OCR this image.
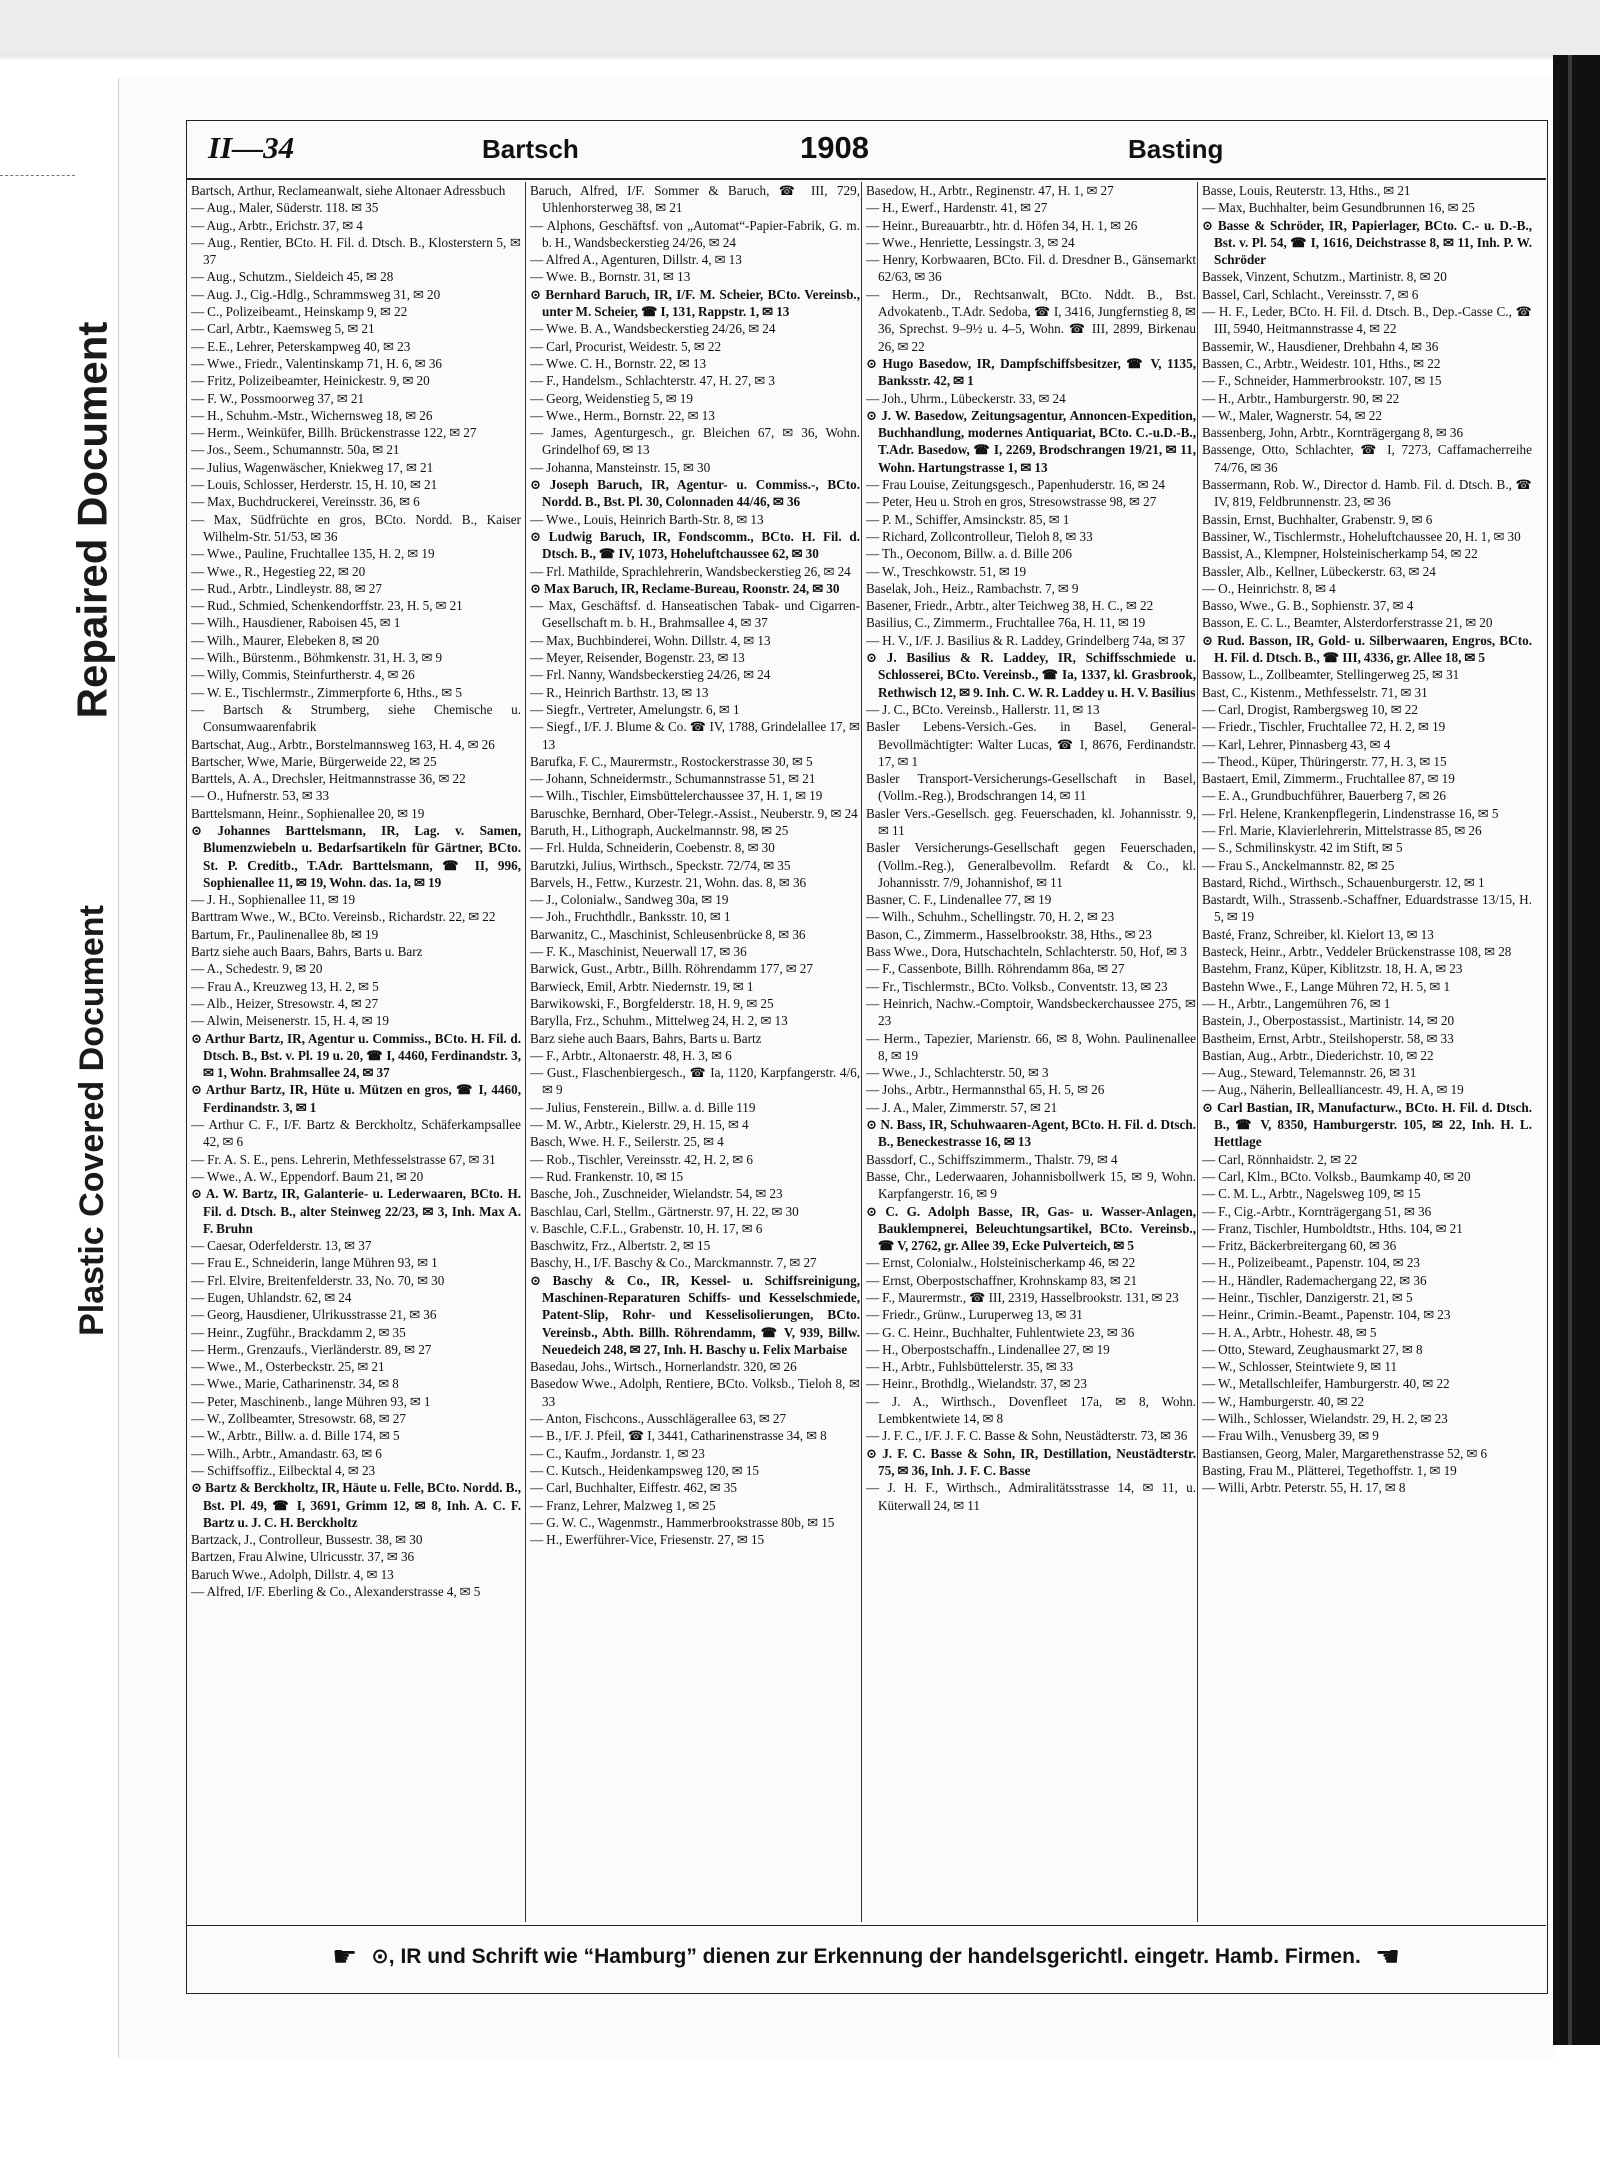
Repaired Document
Plastic Covered Document
II—34	Bartsch	1908	Basting

Bartsch, Arthur, Reclameanwalt, siehe Altonaer Adressbuch

— Aug., Maler, Süderstr. 118. ✉ 35

— Aug., Arbtr., Erichstr. 37, ✉ 4

— Aug., Rentier, BCto. H. Fil. d. Dtsch. B., Klosterstern 5, ✉ 37

— Aug., Schutzm., Sieldeich 45, ✉ 28

— Aug. J., Cig.-Hdlg., Schrammsweg 31, ✉ 20

— C., Polizeibeamt., Heinskamp 9, ✉ 22

— Carl, Arbtr., Kaemsweg 5, ✉ 21

— E.E., Lehrer, Peterskampweg 40, ✉ 23

— Wwe., Friedr., Valentinskamp 71, H. 6, ✉ 36

— Fritz, Polizeibeamter, Heinickestr. 9, ✉ 20

— F. W., Possmoorweg 37, ✉ 21

— H., Schuhm.-Mstr., Wichernsweg 18, ✉ 26

— Herm., Weinküfer, Billh. Brückenstrasse 122, ✉ 27

— Jos., Seem., Schumannstr. 50a, ✉ 21

— Julius, Wagenwäscher, Kniekweg 17, ✉ 21

— Louis, Schlosser, Herderstr. 15, H. 10, ✉ 21

— Max, Buchdruckerei, Vereinsstr. 36, ✉ 6

— Max, Südfrüchte en gros, BCto. Nordd. B., Kaiser Wilhelm-Str. 51/53, ✉ 36

— Wwe., Pauline, Fruchtallee 135, H. 2, ✉ 19

— Wwe., R., Hegestieg 22, ✉ 20

— Rud., Arbtr., Lindleystr. 88, ✉ 27

— Rud., Schmied, Schenkendorffstr. 23, H. 5, ✉ 21

— Wilh., Hausdiener, Raboisen 45, ✉ 1

— Wilh., Maurer, Elebeken 8, ✉ 20

— Wilh., Bürstenm., Böhmkenstr. 31, H. 3, ✉ 9

— Willy, Commis, Steinfurtherstr. 4, ✉ 26

— W. E., Tischlermstr., Zimmerpforte 6, Hths., ✉ 5

— Bartsch & Strumberg, siehe Chemische u. Consumwaarenfabrik

Bartschat, Aug., Arbtr., Borstelmannsweg 163, H. 4, ✉ 26

Bartscher, Wwe, Marie, Bürgerweide 22, ✉ 25

Barttels, A. A., Drechsler, Heitmannstrasse 36, ✉ 22

— O., Hufnerstr. 53, ✉ 33

Barttelsmann, Heinr., Sophienallee 20, ✉ 19

⊙ Johannes Barttelsmann, IR, Lag. v. Samen, Blumenzwiebeln u. Bedarfsartikeln für Gärtner, BCto. St. P. Creditb., T.Adr. Barttelsmann, ☎ II, 996, Sophienallee 11, ✉ 19, Wohn. das. 1a, ✉ 19

— J. H., Sophienallee 11, ✉ 19

Barttram Wwe., W., BCto. Vereinsb., Richardstr. 22, ✉ 22

Bartum, Fr., Paulinenallee 8b, ✉ 19

Bartz siehe auch Baars, Bahrs, Barts u. Barz

— A., Schedestr. 9, ✉ 20

— Frau A., Kreuzweg 13, H. 2, ✉ 5

— Alb., Heizer, Stresowstr. 4, ✉ 27

— Alwin, Meisenerstr. 15, H. 4, ✉ 19

⊙ Arthur Bartz, IR, Agentur u. Commiss., BCto. H. Fil. d. Dtsch. B., Bst. v. Pl. 19 u. 20, ☎ I, 4460, Ferdinandstr. 3, ✉ 1, Wohn. Brahmsallee 24, ✉ 37

⊙ Arthur Bartz, IR, Hüte u. Mützen en gros, ☎ I, 4460, Ferdinandstr. 3, ✉ 1

— Arthur C. F., I/F. Bartz & Berckholtz, Schäferkampsallee 42, ✉ 6

— Fr. A. S. E., pens. Lehrerin, Methfesselstrasse 67, ✉ 31

— Wwe., A. W., Eppendorf. Baum 21, ✉ 20

⊙ A. W. Bartz, IR, Galanterie- u. Lederwaaren, BCto. H. Fil. d. Dtsch. B., alter Steinweg 22/23, ✉ 3, Inh. Max A. F. Bruhn

— Caesar, Oderfelderstr. 13, ✉ 37

— Frau E., Schneiderin, lange Mühren 93, ✉ 1

— Frl. Elvire, Breitenfelderstr. 33, No. 70, ✉ 30

— Eugen, Uhlandstr. 62, ✉ 24

— Georg, Hausdiener, Ulrikusstrasse 21, ✉ 36

— Heinr., Zugführ., Brackdamm 2, ✉ 35

— Herm., Grenzaufs., Vierländerstr. 89, ✉ 27

— Wwe., M., Osterbeckstr. 25, ✉ 21

— Wwe., Marie, Catharinenstr. 34, ✉ 8

— Peter, Maschinenb., lange Mühren 93, ✉ 1

— W., Zollbeamter, Stresowstr. 68, ✉ 27

— W., Arbtr., Billw. a. d. Bille 174, ✉ 5

— Wilh., Arbtr., Amandastr. 63, ✉ 6

— Schiffsoffiz., Eilbecktal 4, ✉ 23

⊙ Bartz & Berckholtz, IR, Häute u. Felle, BCto. Nordd. B., Bst. Pl. 49, ☎ I, 3691, Grimm 12, ✉ 8, Inh. A. C. F. Bartz u. J. C. H. Berckholtz

Bartzack, J., Controlleur, Bussestr. 38, ✉ 30

Bartzen, Frau Alwine, Ulricusstr. 37, ✉ 36

Baruch Wwe., Adolph, Dillstr. 4, ✉ 13

— Alfred, I/F. Eberling & Co., Alexanderstrasse 4, ✉ 5

Baruch, Alfred, I/F. Sommer & Baruch, ☎ III, 729, Uhlenhorsterweg 38, ✉ 21

— Alphons, Geschäftsf. von „Automat“-Papier-Fabrik, G. m. b. H., Wandsbeckerstieg 24/26, ✉ 24

— Alfred A., Agenturen, Dillstr. 4, ✉ 13

— Wwe. B., Bornstr. 31, ✉ 13

⊙ Bernhard Baruch, IR, I/F. M. Scheier, BCto. Vereinsb., unter M. Scheier, ☎ I, 131, Rappstr. 1, ✉ 13

— Wwe. B. A., Wandsbeckerstieg 24/26, ✉ 24

— Carl, Procurist, Weidestr. 5, ✉ 22

— Wwe. C. H., Bornstr. 22, ✉ 13

— F., Handelsm., Schlachterstr. 47, H. 27, ✉ 3

— Georg, Weidenstieg 5, ✉ 19

— Wwe., Herm., Bornstr. 22, ✉ 13

— James, Agenturgesch., gr. Bleichen 67, ✉ 36, Wohn. Grindelhof 69, ✉ 13

— Johanna, Mansteinstr. 15, ✉ 30

⊙ Joseph Baruch, IR, Agentur- u. Commiss.-, BCto. Nordd. B., Bst. Pl. 30, Colonnaden 44/46, ✉ 36

— Wwe., Louis, Heinrich Barth-Str. 8, ✉ 13

⊙ Ludwig Baruch, IR, Fondscomm., BCto. H. Fil. d. Dtsch. B., ☎ IV, 1073, Hoheluftchaussee 62, ✉ 30

— Frl. Mathilde, Sprachlehrerin, Wandsbeckerstieg 26, ✉ 24

⊙ Max Baruch, IR, Reclame-Bureau, Roonstr. 24, ✉ 30

— Max, Geschäftsf. d. Hanseatischen Tabak- und Cigarren-Gesellschaft m. b. H., Brahmsallee 4, ✉ 37

— Max, Buchbinderei, Wohn. Dillstr. 4, ✉ 13

— Meyer, Reisender, Bogenstr. 23, ✉ 13

— Frl. Nanny, Wandsbeckerstieg 24/26, ✉ 24

— R., Heinrich Barthstr. 13, ✉ 13

— Siegfr., Vertreter, Amelungstr. 6, ✉ 1

— Siegf., I/F. J. Blume & Co. ☎ IV, 1788, Grindelallee 17, ✉ 13

Barufka, F. C., Maurermstr., Rostockerstrasse 30, ✉ 5

— Johann, Schneidermstr., Schumannstrasse 51, ✉ 21

— Wilh., Tischler, Eimsbüttelerchaussee 37, H. 1, ✉ 19

Baruschke, Bernhard, Ober-Telegr.-Assist., Neuberstr. 9, ✉ 24

Baruth, H., Lithograph, Auckelmannstr. 98, ✉ 25

— Frl. Hulda, Schneiderin, Coebenstr. 8, ✉ 30

Barutzki, Julius, Wirthsch., Speckstr. 72/74, ✉ 35

Barvels, H., Fettw., Kurzestr. 21, Wohn. das. 8, ✉ 36

— J., Colonialw., Sandweg 30a, ✉ 19

— Joh., Fruchthdlr., Banksstr. 10, ✉ 1

Barwanitz, C., Maschinist, Schleusenbrücke 8, ✉ 36

— F. K., Maschinist, Neuerwall 17, ✉ 36

Barwick, Gust., Arbtr., Billh. Röhrendamm 177, ✉ 27

Barwieck, Emil, Arbtr. Niedernstr. 19, ✉ 1

Barwikowski, F., Borgfelderstr. 18, H. 9, ✉ 25

Barylla, Frz., Schuhm., Mittelweg 24, H. 2, ✉ 13

Barz siehe auch Baars, Bahrs, Barts u. Bartz

— F., Arbtr., Altonaerstr. 48, H. 3, ✉ 6

— Gust., Flaschenbiergesch., ☎ Ia, 1120, Karpfangerstr. 4/6, ✉ 9

— Julius, Fensterein., Billw. a. d. Bille 119

— M. W., Arbtr., Kielerstr. 29, H. 15, ✉ 4

Basch, Wwe. H. F., Seilerstr. 25, ✉ 4

— Rob., Tischler, Vereinsstr. 42, H. 2, ✉ 6

— Rud. Frankenstr. 10, ✉ 15

Basche, Joh., Zuschneider, Wielandstr. 54, ✉ 23

Baschlau, Carl, Stellm., Gärtnerstr. 97, H. 22, ✉ 30

v. Baschle, C.F.L., Grabenstr. 10, H. 17, ✉ 6

Baschwitz, Frz., Albertstr. 2, ✉ 15

Baschy, H., I/F. Baschy & Co., Marckmannstr. 7, ✉ 27

⊙ Baschy & Co., IR, Kessel- u. Schiffsreinigung, Maschinen-Reparaturen Schiffs- und Kesselschmiede, Patent-Slip, Rohr- und Kesselisolierungen, BCto. Vereinsb., Abth. Billh. Röhrendamm, ☎ V, 939, Billw. Neuedeich 248, ✉ 27, Inh. H. Baschy u. Felix Marbaise

Basedau, Johs., Wirtsch., Hornerlandstr. 320, ✉ 26

Basedow Wwe., Adolph, Rentiere, BCto. Volksb., Tieloh 8, ✉ 33

— Anton, Fischcons., Ausschlägerallee 63, ✉ 27

— B., I/F. J. Pfeil, ☎ I, 3441, Catharinenstrasse 34, ✉ 8

— C., Kaufm., Jordanstr. 1, ✉ 23

— C. Kutsch., Heidenkampsweg 120, ✉ 15

— Carl, Buchhalter, Eiffestr. 462, ✉ 35

— Franz, Lehrer, Malzweg 1, ✉ 25

— G. W. C., Wagenmstr., Hammerbrookstrasse 80b, ✉ 15

— H., Ewerführer-Vice, Friesenstr. 27, ✉ 15

Basedow, H., Arbtr., Reginenstr. 47, H. 1, ✉ 27

— H., Ewerf., Hardenstr. 41, ✉ 27

— Heinr., Bureauarbtr., htr. d. Höfen 34, H. 1, ✉ 26

— Wwe., Henriette, Lessingstr. 3, ✉ 24

— Henry, Korbwaaren, BCto. Fil. d. Dresdner B., Gänsemarkt 62/63, ✉ 36

— Herm., Dr., Rechtsanwalt, BCto. Nddt. B., Bst. Advokatenb., T.Adr. Sedoba, ☎ I, 3416, Jungfernstieg 8, ✉ 36, Sprechst. 9–9½ u. 4–5, Wohn. ☎ III, 2899, Birkenau 26, ✉ 22

⊙ Hugo Basedow, IR, Dampfschiffsbesitzer, ☎ V, 1135, Banksstr. 42, ✉ 1

— Joh., Uhrm., Lübeckerstr. 33, ✉ 24

⊙ J. W. Basedow, Zeitungsagentur, Annoncen-Expedition, Buchhandlung, modernes Antiquariat, BCto. C.-u.D.-B., T.Adr. Basedow, ☎ I, 2269, Brodschrangen 19/21, ✉ 11, Wohn. Hartungstrasse 1, ✉ 13

— Frau Louise, Zeitungsgesch., Papenhuderstr. 16, ✉ 24

— Peter, Heu u. Stroh en gros, Stresowstrasse 98, ✉ 27

— P. M., Schiffer, Amsinckstr. 85, ✉ 1

— Richard, Zollcontrolleur, Tieloh 8, ✉ 33

— Th., Oeconom, Billw. a. d. Bille 206

— W., Treschkowstr. 51, ✉ 19

Baselak, Joh., Heiz., Rambachstr. 7, ✉ 9

Basener, Friedr., Arbtr., alter Teichweg 38, H. C., ✉ 22

Basilius, C., Zimmerm., Fruchtallee 76a, H. 11, ✉ 19

— H. V., I/F. J. Basilius & R. Laddey, Grindelberg 74a, ✉ 37

⊙ J. Basilius & R. Laddey, IR, Schiffsschmiede u. Schlosserei, BCto. Vereinsb., ☎ Ia, 1337, kl. Grasbrook, Rethwisch 12, ✉ 9. Inh. C. W. R. Laddey u. H. V. Basilius

— J. C., BCto. Vereinsb., Hallerstr. 11, ✉ 13

Basler Lebens-Versich.-Ges. in Basel, General-Bevollmächtigter: Walter Lucas, ☎ I, 8676, Ferdinandstr. 17, ✉ 1

Basler Transport-Versicherungs-Gesellschaft in Basel, (Vollm.-Reg.), Brodschrangen 14, ✉ 11

Basler Vers.-Gesellsch. geg. Feuerschaden, kl. Johannisstr. 9, ✉ 11

Basler Versicherungs-Gesellschaft gegen Feuerschaden, (Vollm.-Reg.), Generalbevollm. Refardt & Co., kl. Johannisstr. 7/9, Johannishof, ✉ 11

Basner, C. F., Lindenallee 77, ✉ 19

— Wilh., Schuhm., Schellingstr. 70, H. 2, ✉ 23

Bason, C., Zimmerm., Hasselbrookstr. 38, Hths., ✉ 23

Bass Wwe., Dora, Hutschachteln, Schlachterstr. 50, Hof, ✉ 3

— F., Cassenbote, Billh. Röhrendamm 86a, ✉ 27

— Fr., Tischlermstr., BCto. Volksb., Conventstr. 13, ✉ 23

— Heinrich, Nachw.-Comptoir, Wandsbeckerchaussee 275, ✉ 23

— Herm., Tapezier, Marienstr. 66, ✉ 8, Wohn. Paulinenallee 8, ✉ 19

— Wwe., J., Schlachterstr. 50, ✉ 3

— Johs., Arbtr., Hermannsthal 65, H. 5, ✉ 26

— J. A., Maler, Zimmerstr. 57, ✉ 21

⊙ N. Bass, IR, Schuhwaaren-Agent, BCto. H. Fil. d. Dtsch. B., Beneckestrasse 16, ✉ 13

Bassdorf, C., Schiffszimmerm., Thalstr. 79, ✉ 4

Basse, Chr., Lederwaaren, Johannisbollwerk 15, ✉ 9, Wohn. Karpfangerstr. 16, ✉ 9

⊙ C. G. Adolph Basse, IR, Gas- u. Wasser-Anlagen, Bauklempnerei, Beleuchtungsartikel, BCto. Vereinsb., ☎ V, 2762, gr. Allee 39, Ecke Pulverteich, ✉ 5

— Ernst, Colonialw., Holsteinischerkamp 46, ✉ 22

— Ernst, Oberpostschaffner, Krohnskamp 83, ✉ 21

— F., Maurermstr., ☎ III, 2319, Hasselbrookstr. 131, ✉ 23

— Friedr., Grünw., Luruperweg 13, ✉ 31

— G. C. Heinr., Buchhalter, Fuhlentwiete 23, ✉ 36

— H., Oberpostschaffn., Lindenallee 27, ✉ 19

— H., Arbtr., Fuhlsbüttelerstr. 35, ✉ 33

— Heinr., Brothdlg., Wielandstr. 37, ✉ 23

— J. A., Wirthsch., Dovenfleet 17a, ✉ 8, Wohn. Lembkentwiete 14, ✉ 8

— J. F. C., I/F. J. F. C. Basse & Sohn, Neustädterstr. 73, ✉ 36

⊙ J. F. C. Basse & Sohn, IR, Destillation, Neustädterstr. 75, ✉ 36, Inh. J. F. C. Basse

— J. H. F., Wirthsch., Admiralitätsstrasse 14, ✉ 11, u. Küterwall 24, ✉ 11

Basse, Louis, Reuterstr. 13, Hths., ✉ 21

— Max, Buchhalter, beim Gesundbrunnen 16, ✉ 25

⊙ Basse & Schröder, IR, Papierlager, BCto. C.- u. D.-B., Bst. v. Pl. 54, ☎ I, 1616, Deichstrasse 8, ✉ 11, Inh. P. W. Schröder

Bassek, Vinzent, Schutzm., Martinistr. 8, ✉ 20

Bassel, Carl, Schlacht., Vereinsstr. 7, ✉ 6

— H. F., Leder, BCto. H. Fil. d. Dtsch. B., Dep.-Casse C., ☎ III, 5940, Heitmannstrasse 4, ✉ 22

Bassemir, W., Hausdiener, Drehbahn 4, ✉ 36

Bassen, C., Arbtr., Weidestr. 101, Hths., ✉ 22

— F., Schneider, Hammerbrookstr. 107, ✉ 15

— H., Arbtr., Hamburgerstr. 90, ✉ 22

— W., Maler, Wagnerstr. 54, ✉ 22

Bassenberg, John, Arbtr., Kornträgergang 8, ✉ 36

Bassenge, Otto, Schlachter, ☎ I, 7273, Caffamacherreihe 74/76, ✉ 36

Bassermann, Rob. W., Director d. Hamb. Fil. d. Dtsch. B., ☎ IV, 819, Feldbrunnenstr. 23, ✉ 36

Bassin, Ernst, Buchhalter, Grabenstr. 9, ✉ 6

Bassiner, W., Tischlermstr., Hoheluftchaussee 20, H. 1, ✉ 30

Bassist, A., Klempner, Holsteinischerkamp 54, ✉ 22

Bassler, Alb., Kellner, Lübeckerstr. 63, ✉ 24

— O., Heinrichstr. 8, ✉ 4

Basso, Wwe., G. B., Sophienstr. 37, ✉ 4

Basson, E. C. L., Beamter, Alsterdorferstrasse 21, ✉ 20

⊙ Rud. Basson, IR, Gold- u. Silberwaaren, Engros, BCto. H. Fil. d. Dtsch. B., ☎ III, 4336, gr. Allee 18, ✉ 5

Bassow, L., Zollbeamter, Stellingerweg 25, ✉ 31

Bast, C., Kistenm., Methfesselstr. 71, ✉ 31

— Carl, Drogist, Rambergsweg 10, ✉ 22

— Friedr., Tischler, Fruchtallee 72, H. 2, ✉ 19

— Karl, Lehrer, Pinnasberg 43, ✉ 4

— Theod., Küper, Thüringerstr. 77, H. 3, ✉ 15

Bastaert, Emil, Zimmerm., Fruchtallee 87, ✉ 19

— E. A., Grundbuchführer, Bauerberg 7, ✉ 26

— Frl. Helene, Krankenpflegerin, Lindenstrasse 16, ✉ 5

— Frl. Marie, Klavierlehrerin, Mittelstrasse 85, ✉ 26

— S., Schmilinskystr. 42 im Stift, ✉ 5

— Frau S., Anckelmannstr. 82, ✉ 25

Bastard, Richd., Wirthsch., Schauenburgerstr. 12, ✉ 1

Bastardt, Wilh., Strassenb.-Schaffner, Eduardstrasse 13/15, H. 5, ✉ 19

Basté, Franz, Schreiber, kl. Kielort 13, ✉ 13

Basteck, Heinr., Arbtr., Veddeler Brückenstrasse 108, ✉ 28

Bastehm, Franz, Küper, Kiblitzstr. 18, H. A, ✉ 23

Bastehn Wwe., F., Lange Mühren 72, H. 5, ✉ 1

— H., Arbtr., Langemühren 76, ✉ 1

Bastein, J., Oberpostassist., Martinistr. 14, ✉ 20

Bastheim, Ernst, Arbtr., Steilshoperstr. 58, ✉ 33

Bastian, Aug., Arbtr., Diederichstr. 10, ✉ 22

— Aug., Steward, Telemannstr. 26, ✉ 31

— Aug., Näherin, Bellealliancestr. 49, H. A, ✉ 19

⊙ Carl Bastian, IR, Manufacturw., BCto. H. Fil. d. Dtsch. B., ☎ V, 8350, Hamburgerstr. 105, ✉ 22, Inh. H. L. Hettlage

— Carl, Rönnhaidstr. 2, ✉ 22

— Carl, Klm., BCto. Volksb., Baumkamp 40, ✉ 20

— C. M. L., Arbtr., Nagelsweg 109, ✉ 15

— F., Cig.-Arbtr., Kornträgergang 51, ✉ 36

— Franz, Tischler, Humboldtstr., Hths. 104, ✉ 21

— Fritz, Bäckerbreitergang 60, ✉ 36

— H., Polizeibeamt., Papenstr. 104, ✉ 23

— H., Händler, Rademachergang 22, ✉ 36

— Heinr., Tischler, Danzigerstr. 21, ✉ 5

— Heinr., Crimin.-Beamt., Papenstr. 104, ✉ 23

— H. A., Arbtr., Hohestr. 48, ✉ 5

— Otto, Steward, Zeughausmarkt 27, ✉ 8

— W., Schlosser, Steintwiete 9, ✉ 11

— W., Metallschleifer, Hamburgerstr. 40, ✉ 22

— W., Hamburgerstr. 40, ✉ 22

— Wilh., Schlosser, Wielandstr. 29, H. 2, ✉ 23

— Frau Wilh., Venusberg 39, ✉ 9

Bastiansen, Georg, Maler, Margarethenstrasse 52, ✉ 6

Basting, Frau M., Plätterei, Tegethoffstr. 1, ✉ 19

— Willi, Arbtr. Peterstr. 55, H. 17, ✉ 8

☛ ⊙, IR und Schrift wie “Hamburg” dienen zur Erkennung der handelsgerichtl. eingetr. Hamb. Firmen. ☛
